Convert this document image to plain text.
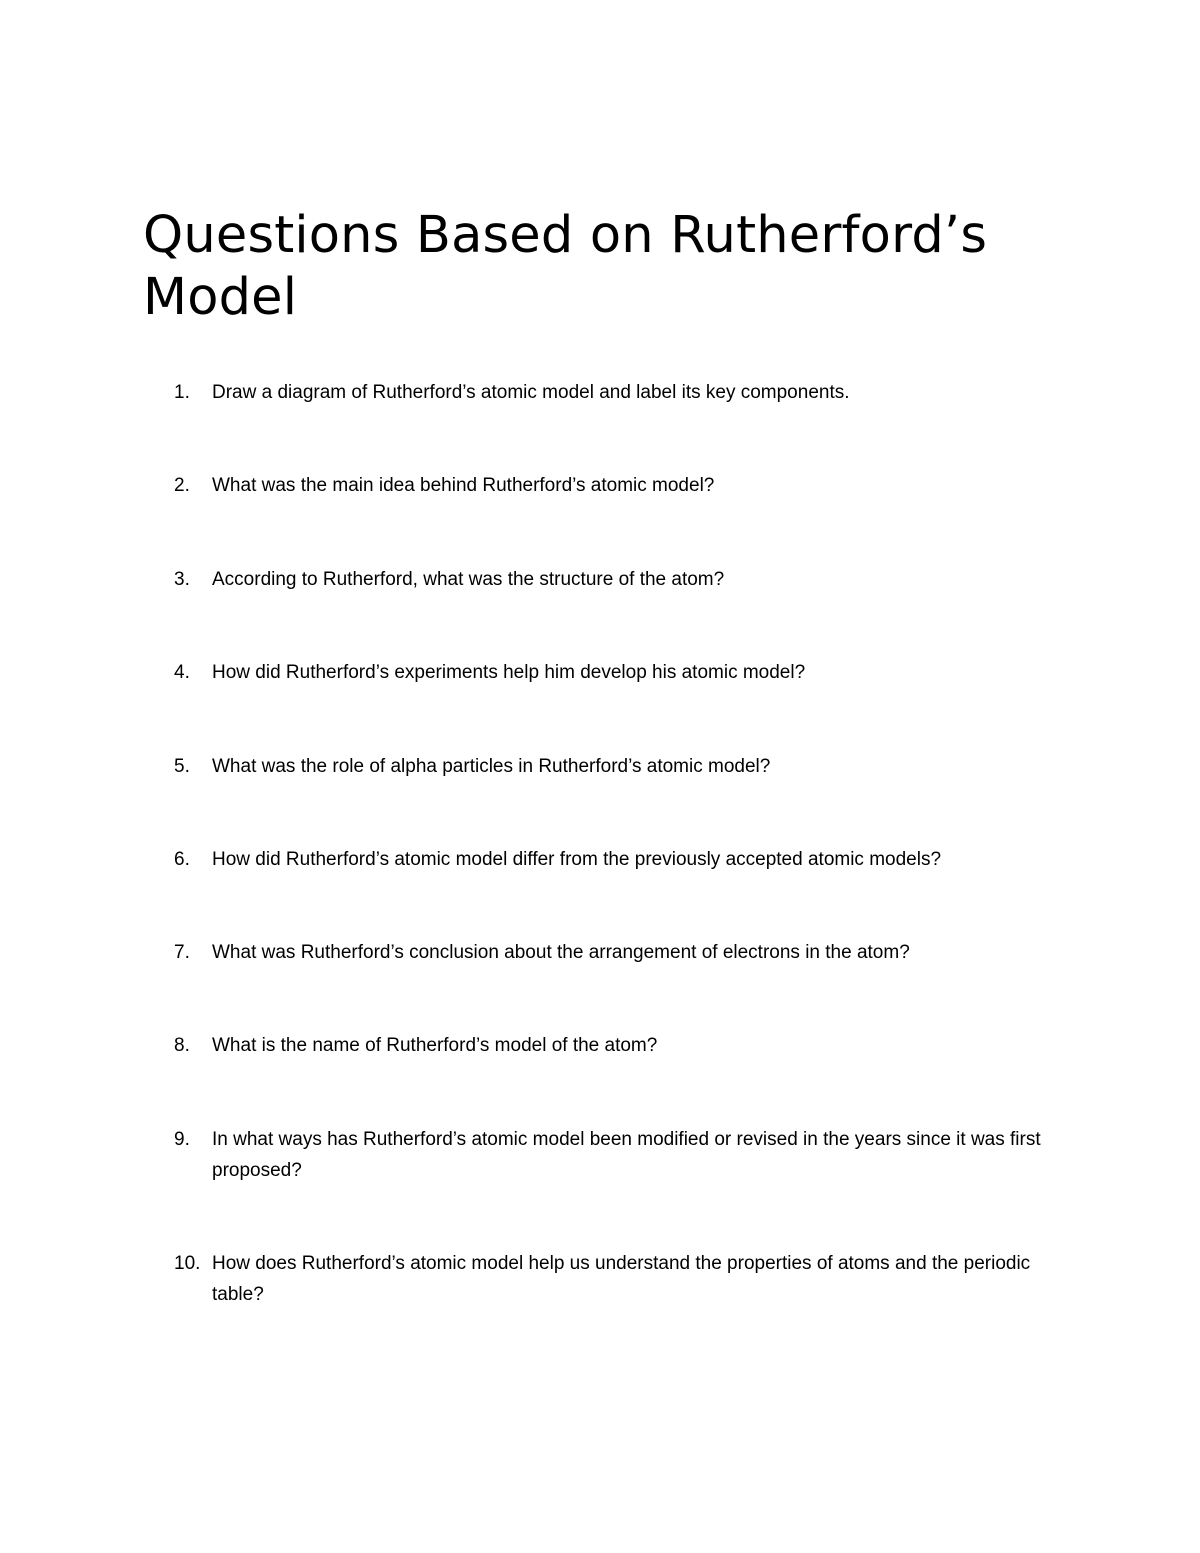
Questions Based on Rutherford’s Model
1.	Draw a diagram of Rutherford’s atomic model and label its key components.
2.	What was the main idea behind Rutherford’s atomic model?
3.	According to Rutherford, what was the structure of the atom?
4.	How did Rutherford’s experiments help him develop his atomic model?
5.	What was the role of alpha particles in Rutherford’s atomic model?
6.	How did Rutherford’s atomic model differ from the previously accepted atomic models?
7.	What was Rutherford’s conclusion about the arrangement of electrons in the atom?
8.	What is the name of Rutherford’s model of the atom?
9.	In what ways has Rutherford’s atomic model been modified or revised in the years since it was first proposed?
10. How does Rutherford’s atomic model help us understand the properties of atoms and the periodic table?
